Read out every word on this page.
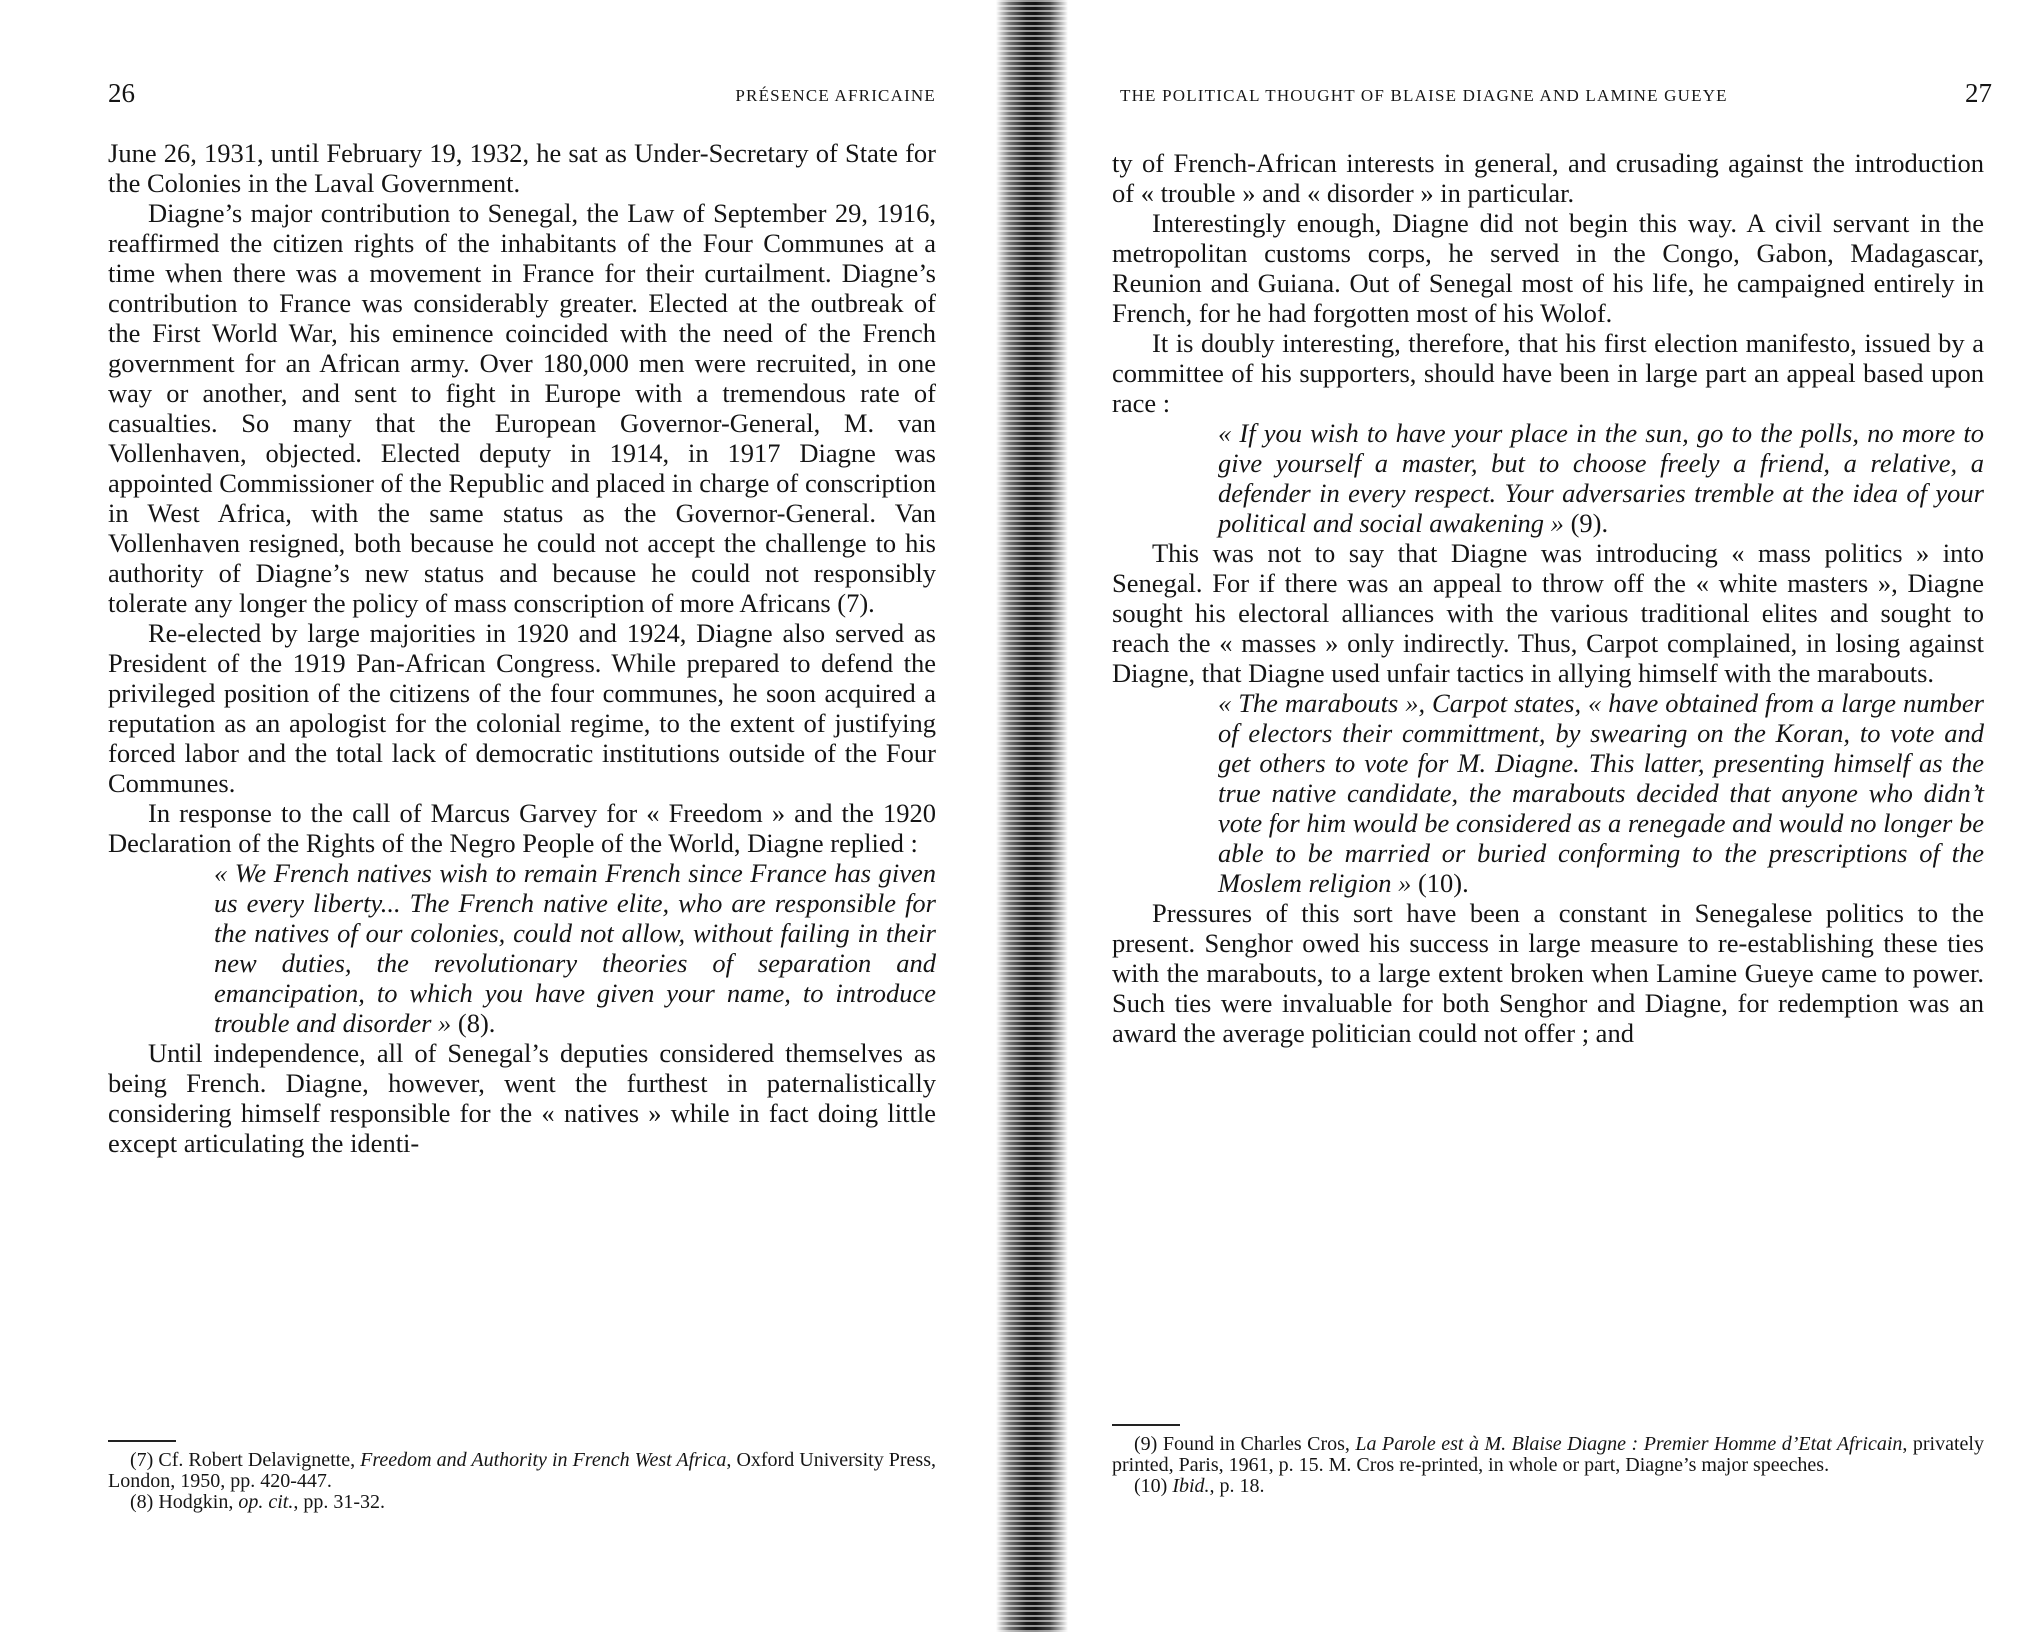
26	PRÉSENCE AFRICAINE

June 26, 1931, until February 19, 1932, he sat as Under-Secretary of State for the Colonies in the Laval Government.

Diagne’s major contribution to Senegal, the Law of September 29, 1916, reaffirmed the citizen rights of the inhabitants of the Four Communes at a time when there was a movement in France for their curtailment. Diagne’s contribution to France was considerably greater. Elected at the outbreak of the First World War, his eminence coincided with the need of the French government for an African army. Over 180,000 men were recruited, in one way or another, and sent to fight in Europe with a tremendous rate of casualties. So many that the European Governor-General, M. van Vollenhaven, objected. Elected deputy in 1914, in 1917 Diagne was appointed Commissioner of the Republic and placed in charge of conscription in West Africa, with the same status as the Governor-General. Van Vollenhaven resigned, both because he could not accept the challenge to his authority of Diagne’s new status and because he could not responsibly tolerate any longer the policy of mass conscription of more Africans (7).

Re-elected by large majorities in 1920 and 1924, Diagne also served as President of the 1919 Pan-African Congress. While prepared to defend the privileged position of the citizens of the four communes, he soon acquired a reputation as an apologist for the colonial regime, to the extent of justifying forced labor and the total lack of democratic institutions outside of the Four Communes.

In response to the call of Marcus Garvey for « Freedom » and the 1920 Declaration of the Rights of the Negro People of the World, Diagne replied :

« We French natives wish to remain French since France has given us every liberty... The French native elite, who are responsible for the natives of our colonies, could not allow, without failing in their new duties, the revolutionary theories of separation and emancipation, to which you have given your name, to introduce trouble and disorder » (8).

Until independence, all of Senegal’s deputies considered themselves as being French. Diagne, however, went the furthest in paternalistically considering himself responsible for the « natives » while in fact doing little except articulating the identi-

(7) Cf. Robert Delavignette, Freedom and Authority in French West Africa, Oxford University Press, London, 1950, pp. 420-447.

(8) Hodgkin, op. cit., pp. 31-32.

THE POLITICAL THOUGHT OF BLAISE DIAGNE AND LAMINE GUEYE	27

ty of French-African interests in general, and crusading against the introduction of « trouble » and « disorder » in particular.

Interestingly enough, Diagne did not begin this way. A civil servant in the metropolitan customs corps, he served in the Congo, Gabon, Madagascar, Reunion and Guiana. Out of Senegal most of his life, he campaigned entirely in French, for he had forgotten most of his Wolof.

It is doubly interesting, therefore, that his first election manifesto, issued by a committee of his supporters, should have been in large part an appeal based upon race :

« If you wish to have your place in the sun, go to the polls, no more to give yourself a master, but to choose freely a friend, a relative, a defender in every respect. Your adversaries tremble at the idea of your political and social awakening » (9).

This was not to say that Diagne was introducing « mass politics » into Senegal. For if there was an appeal to throw off the « white masters », Diagne sought his electoral alliances with the various traditional elites and sought to reach the « masses » only indirectly. Thus, Carpot complained, in losing against Diagne, that Diagne used unfair tactics in allying himself with the marabouts.

« The marabouts », Carpot states, « have obtained from a large number of electors their committment, by swearing on the Koran, to vote and get others to vote for M. Diagne. This latter, presenting himself as the true native candidate, the marabouts decided that anyone who didn’t vote for him would be considered as a renegade and would no longer be able to be married or buried conforming to the prescriptions of the Moslem religion » (10).

Pressures of this sort have been a constant in Senegalese politics to the present. Senghor owed his success in large measure to re-establishing these ties with the marabouts, to a large extent broken when Lamine Gueye came to power. Such ties were invaluable for both Senghor and Diagne, for redemption was an award the average politician could not offer ; and

(9) Found in Charles Cros, La Parole est à M. Blaise Diagne : Premier Homme d’Etat Africain, privately printed, Paris, 1961, p. 15. M. Cros re-printed, in whole or part, Diagne’s major speeches.

(10) Ibid., p. 18.
